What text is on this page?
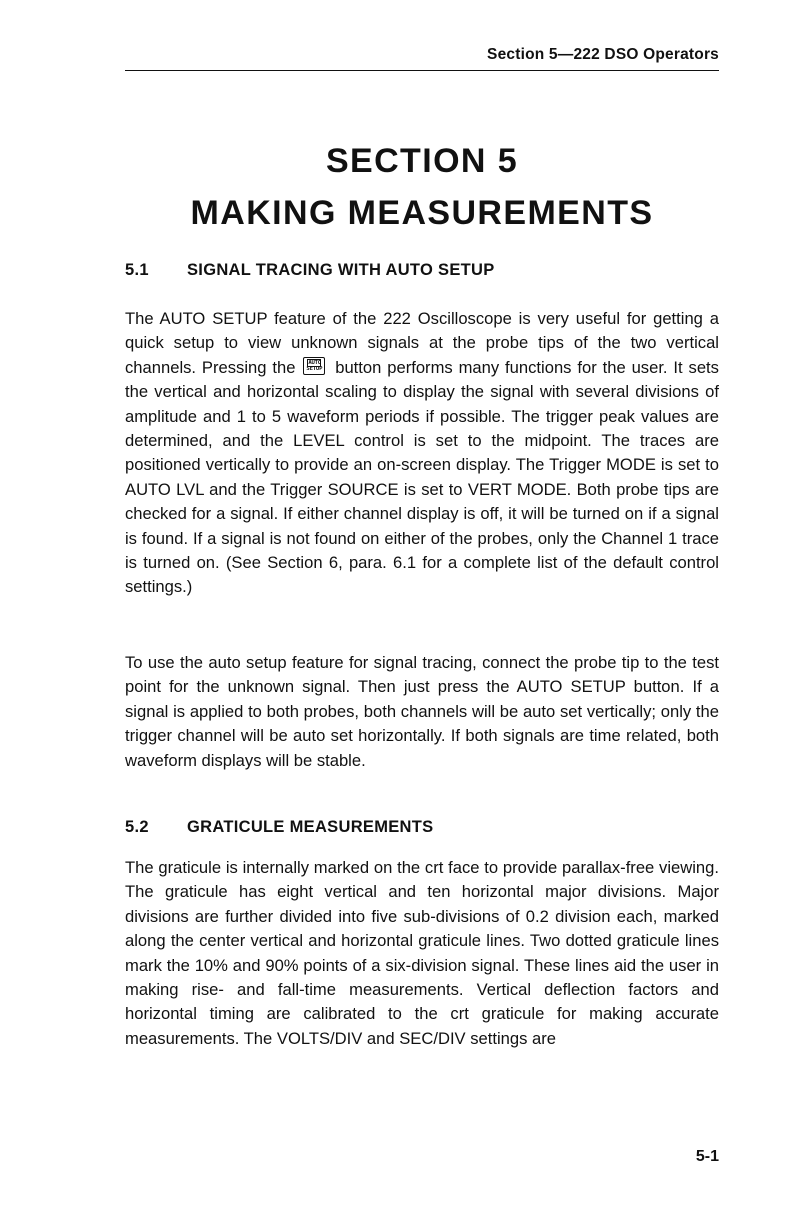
Section 5—222 DSO Operators
SECTION 5
MAKING MEASUREMENTS
5.1 SIGNAL TRACING WITH AUTO SETUP

The AUTO SETUP feature of the 222 Oscilloscope is very useful for getting a quick setup to view unknown signals at the probe tips of the two vertical channels. Pressing the AUTO
SETUP button performs many functions for the user. It sets the vertical and horizontal scaling to display the signal with several divisions of amplitude and 1 to 5 waveform periods if possible. The trigger peak values are determined, and the LEVEL control is set to the midpoint. The traces are positioned vertically to provide an on-screen display. The Trigger MODE is set to AUTO LVL and the Trigger SOURCE is set to VERT MODE. Both probe tips are checked for a signal. If either channel display is off, it will be turned on if a signal is found. If a signal is not found on either of the probes, only the Channel 1 trace is turned on. (See Section 6, para. 6.1 for a complete list of the default control settings.)

To use the auto setup feature for signal tracing, connect the probe tip to the test point for the unknown signal. Then just press the AUTO SETUP button. If a signal is applied to both probes, both channels will be auto set vertically; only the trigger channel will be auto set horizontally. If both signals are time related, both waveform displays will be stable.

5.2 GRATICULE MEASUREMENTS

The graticule is internally marked on the crt face to provide parallax-free viewing. The graticule has eight vertical and ten horizontal major divisions. Major divisions are further divided into five sub-divisions of 0.2 division each, marked along the center vertical and horizontal graticule lines. Two dotted graticule lines mark the 10% and 90% points of a six-division signal. These lines aid the user in making rise- and fall-time measurements. Vertical deflection factors and horizontal timing are calibrated to the crt graticule for making accurate measurements. The VOLTS/DIV and SEC/DIV settings are

5-1
